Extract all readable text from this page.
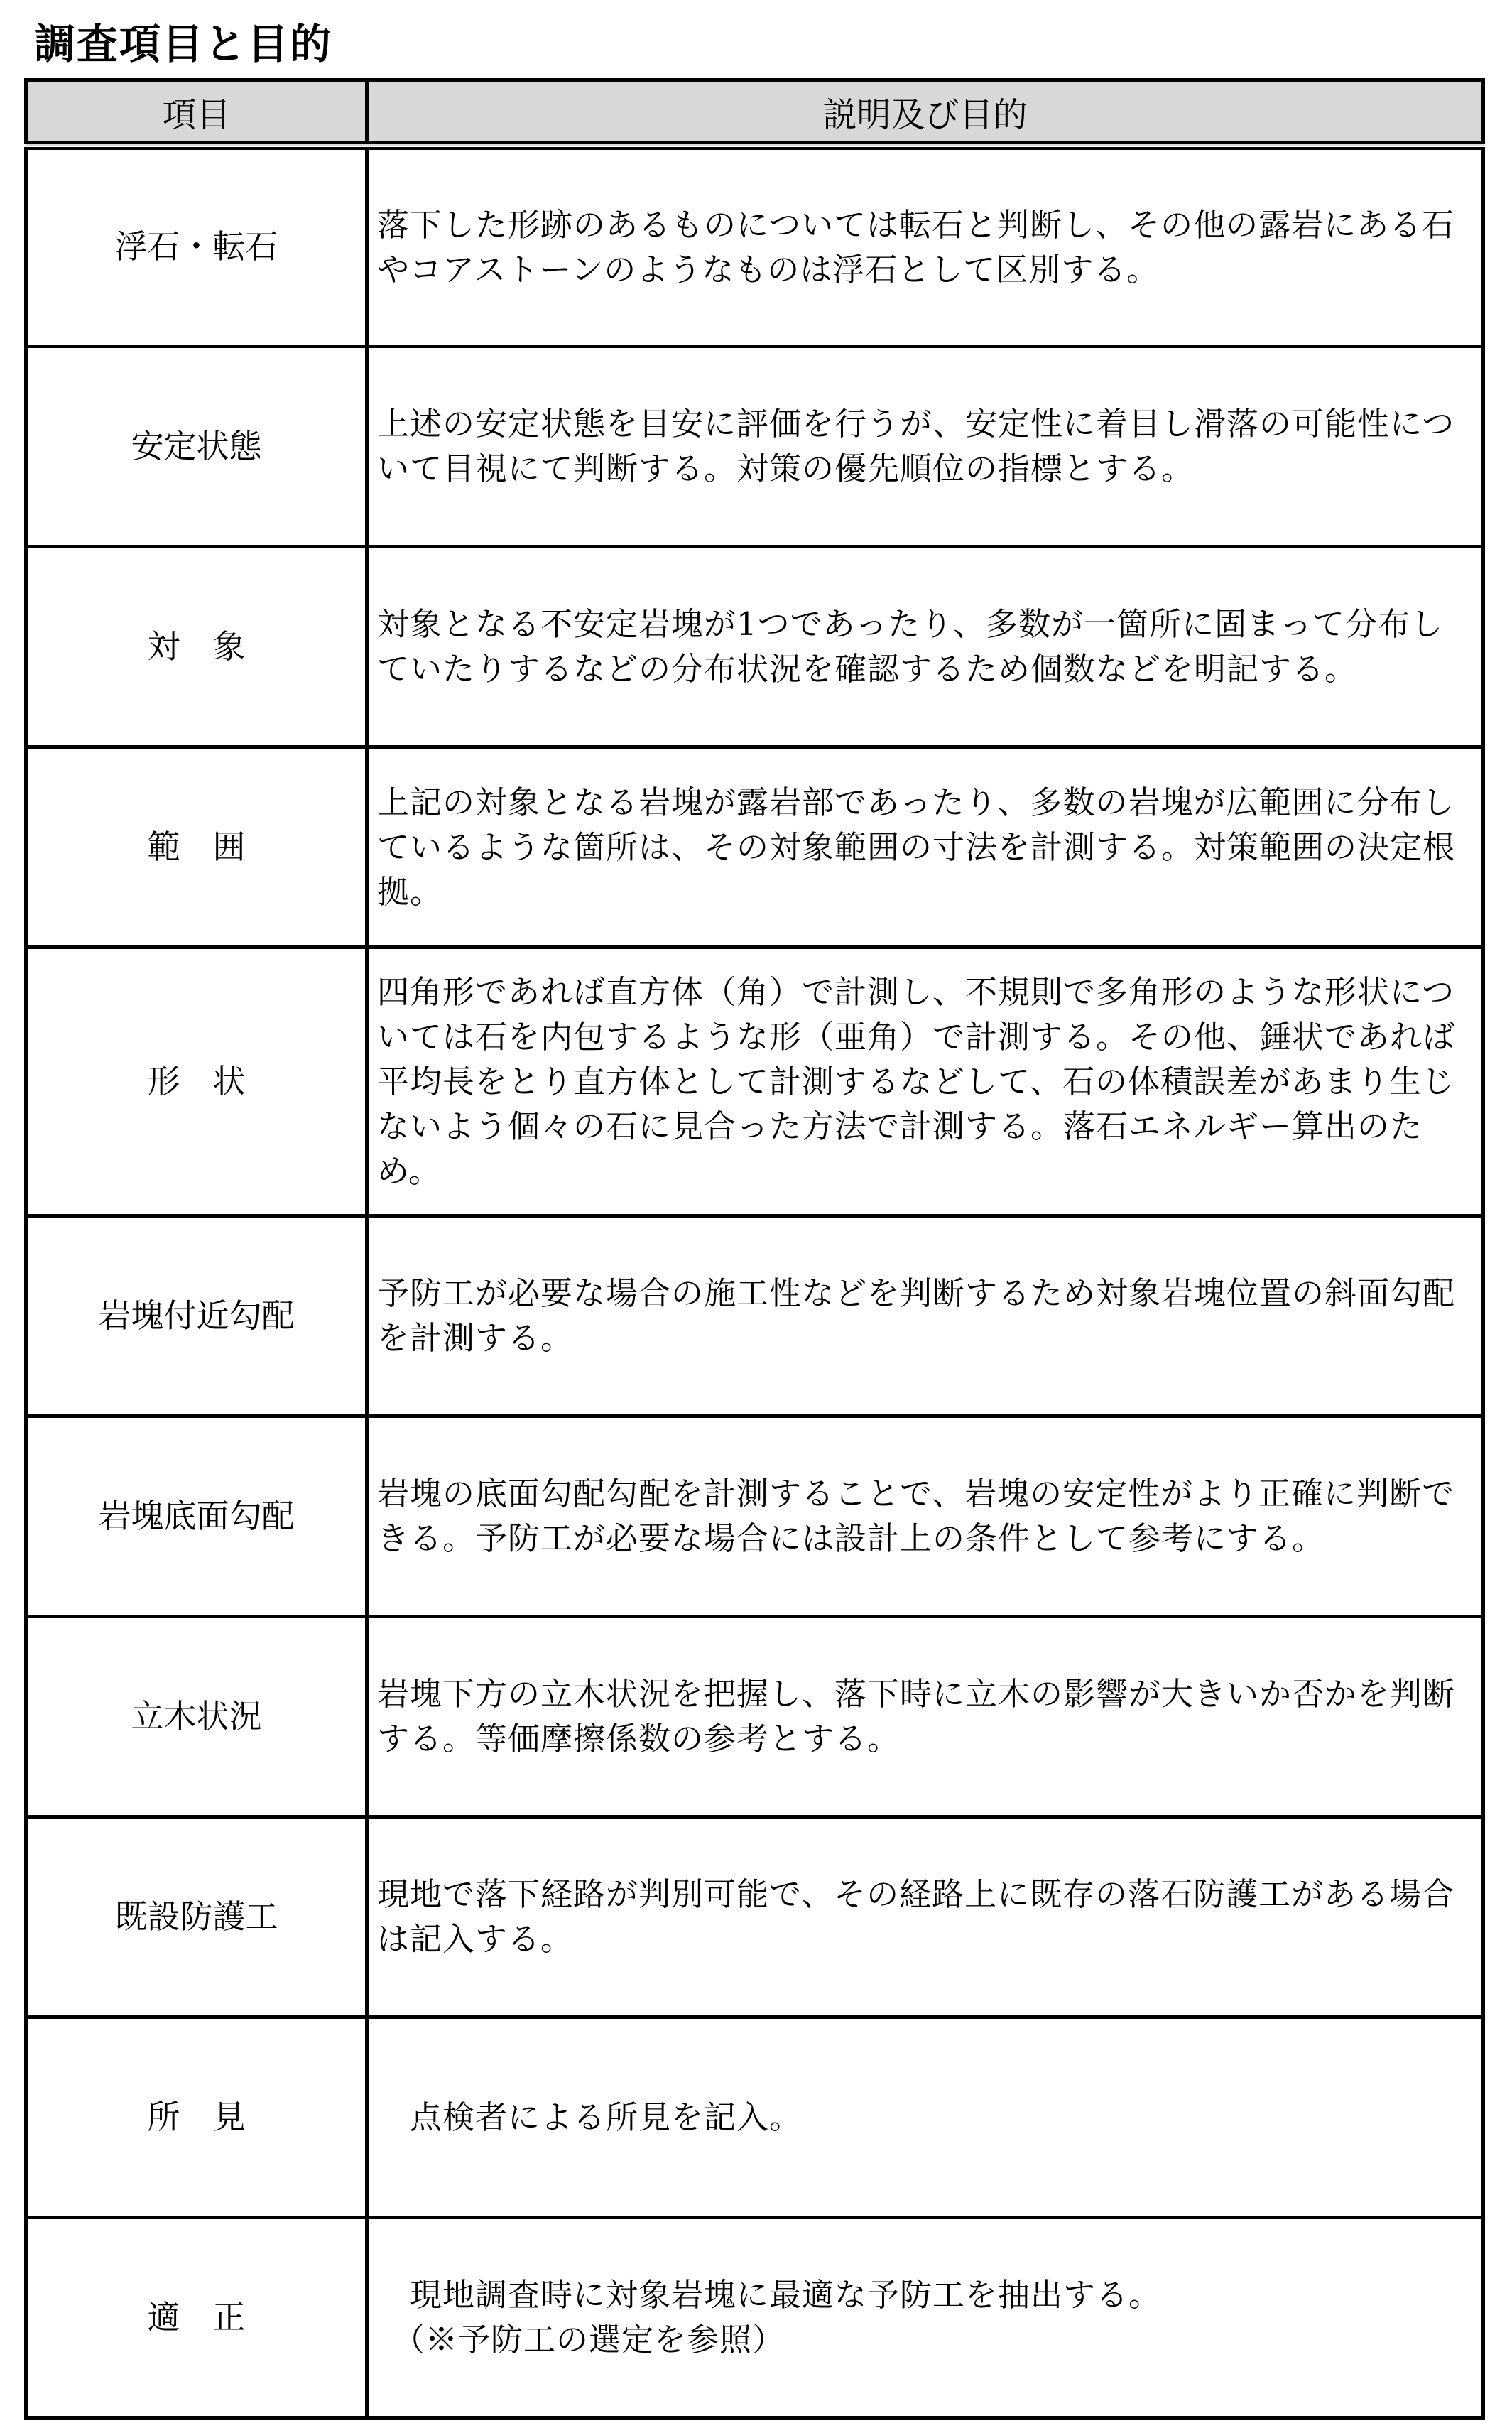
調査項目と目的
項目	説明及び目的
浮石・転石	落下した形跡のあるものについては転石と判断し、その他の露岩にある石やコアストーンのようなものは浮石として区別する。
安定状態	上述の安定状態を目安に評価を行うが、安定性に着目し滑落の可能性について目視にて判断する。対策の優先順位の指標とする。
対　象	対象となる不安定岩塊が1つであったり、多数が一箇所に固まって分布していたりするなどの分布状況を確認するため個数などを明記する。
範　囲	上記の対象となる岩塊が露岩部であったり、多数の岩塊が広範囲に分布しているような箇所は、その対象範囲の寸法を計測する。対策範囲の決定根拠。
形　状	四角形であれば直方体（角）で計測し、不規則で多角形のような形状については石を内包するような形（亜角）で計測する。その他、錘状であれば平均長をとり直方体として計測するなどして、石の体積誤差があまり生じないよう個々の石に見合った方法で計測する。落石エネルギー算出のため。
岩塊付近勾配	予防工が必要な場合の施工性などを判断するため対象岩塊位置の斜面勾配を計測する。
岩塊底面勾配	岩塊の底面勾配勾配を計測することで、岩塊の安定性がより正確に判断できる。予防工が必要な場合には設計上の条件として参考にする。
立木状況	岩塊下方の立木状況を把握し、落下時に立木の影響が大きいか否かを判断する。等価摩擦係数の参考とする。
既設防護工	現地で落下経路が判別可能で、その経路上に既存の落石防護工がある場合は記入する。
所　見	点検者による所見を記入。

適　正	現地調査時に対象岩塊に最適な予防工を抽出する。
（※予防工の選定を参照）
